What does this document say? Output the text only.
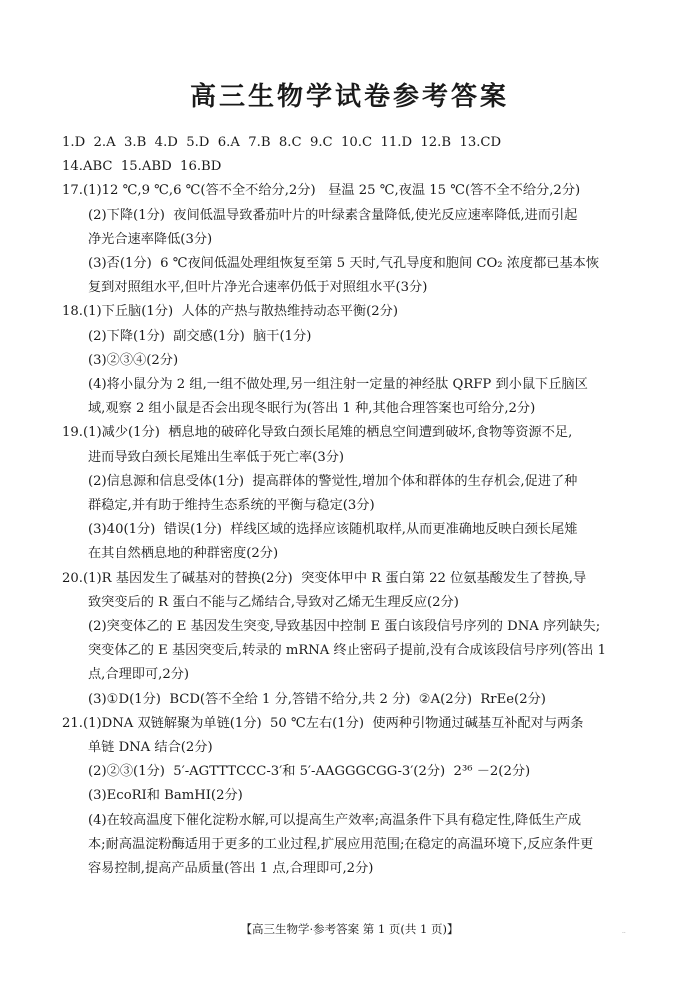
高三生物学试卷参考答案
1.D  2.A  3.B  4.D  5.D  6.A  7.B  8.C  9.C  10.C  11.D  12.B  13.CD
14.ABC  15.ABD  16.BD
17.(1)12 ℃,9 ℃,6 ℃(答不全不给分,2分)   昼温 25 ℃,夜温 15 ℃(答不全不给分,2分)
(2)下降(1分)  夜间低温导致番茄叶片的叶绿素含量降低,使光反应速率降低,进而引起
净光合速率降低(3分)
(3)否(1分)  6 ℃夜间低温处理组恢复至第 5 天时,气孔导度和胞间 CO₂ 浓度都已基本恢
复到对照组水平,但叶片净光合速率仍低于对照组水平(3分)
18.(1)下丘脑(1分)  人体的产热与散热维持动态平衡(2分)
(2)下降(1分)  副交感(1分)  脑干(1分)
(3)②③④(2分)
(4)将小鼠分为 2 组,一组不做处理,另一组注射一定量的神经肽 QRFP 到小鼠下丘脑区
域,观察 2 组小鼠是否会出现冬眠行为(答出 1 种,其他合理答案也可给分,2分)
19.(1)减少(1分)  栖息地的破碎化导致白颈长尾雉的栖息空间遭到破坏,食物等资源不足,
进而导致白颈长尾雉出生率低于死亡率(3分)
(2)信息源和信息受体(1分)  提高群体的警觉性,增加个体和群体的生存机会,促进了种
群稳定,并有助于维持生态系统的平衡与稳定(3分)
(3)40(1分)  错误(1分)  样线区域的选择应该随机取样,从而更准确地反映白颈长尾雉
在其自然栖息地的种群密度(2分)
20.(1)R 基因发生了碱基对的替换(2分)  突变体甲中 R 蛋白第 22 位氨基酸发生了替换,导
致突变后的 R 蛋白不能与乙烯结合,导致对乙烯无生理反应(2分)
(2)突变体乙的 E 基因发生突变,导致基因中控制 E 蛋白该段信号序列的 DNA 序列缺失;
突变体乙的 E 基因突变后,转录的 mRNA 终止密码子提前,没有合成该段信号序列(答出 1
点,合理即可,2分)
(3)①D(1分)  BCD(答不全给 1 分,答错不给分,共 2 分)  ②A(2分)  RrEe(2分)
21.(1)DNA 双链解聚为单链(1分)  50 ℃左右(1分)  使两种引物通过碱基互补配对与两条
单链 DNA 结合(2分)
(2)②③(1分)  5′-AGTTTCCC-3′和 5′-AAGGGCGG-3′(2分)  2³⁶ －2(2分)
(3)EcoRⅠ和 BamHⅠ(2分)
(4)在较高温度下催化淀粉水解,可以提高生产效率;高温条件下具有稳定性,降低生产成
本;耐高温淀粉酶适用于更多的工业过程,扩展应用范围;在稳定的高温环境下,反应条件更
容易控制,提高产品质量(答出 1 点,合理即可,2分)
【高三生物学·参考答案 第 1 页(共 1 页)】	..
